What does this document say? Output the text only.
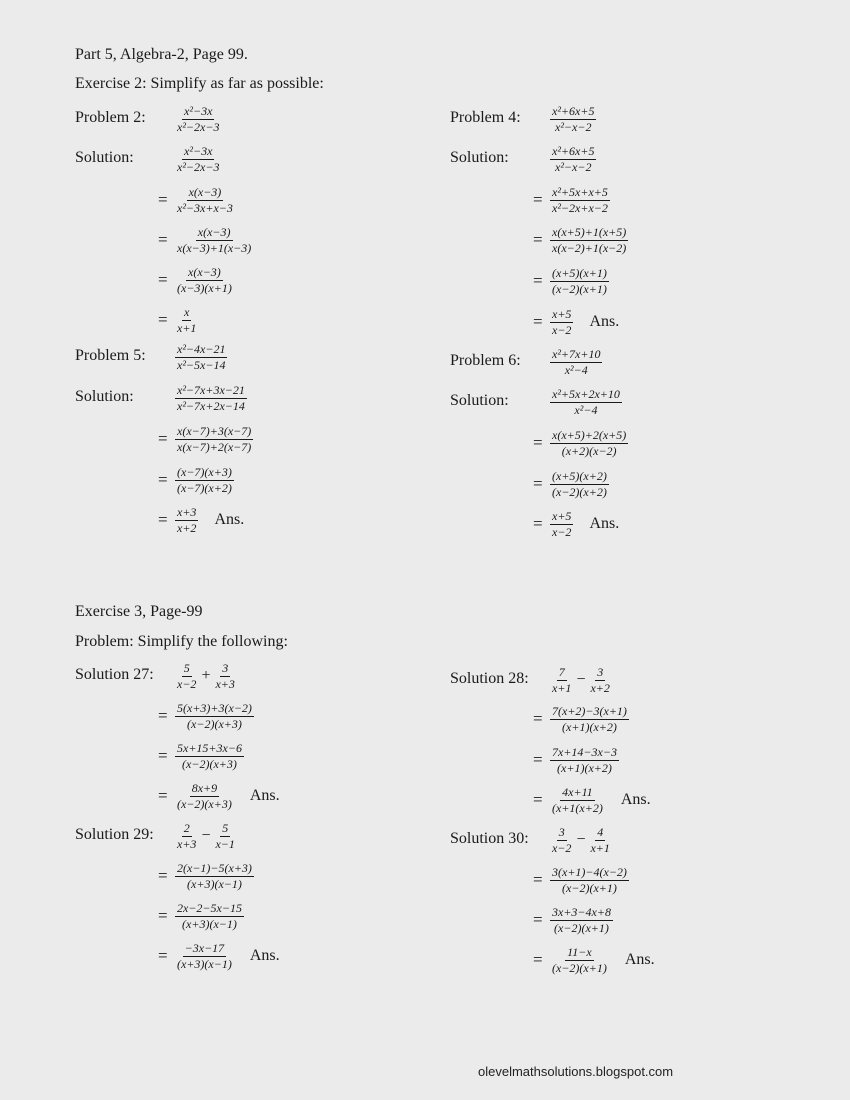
Part 5, Algebra-2, Page 99.
Exercise 2: Simplify as far as possible:
Exercise 3, Page-99
Problem: Simplify the following:
Problem 2: $\frac{\text{x²−3x}}{\text{x²−2x−3}}$
Solution:	$\frac{\text{x²−3x}}{\text{x²−2x−3}}$
= $\frac{x(x-3)}{\text{x²−3x+x−3}}$
= $\frac{x(x-3)}{x(x-3)+1(x-3)}$
= $\frac{x(x-3)}{(x-3)(x+1)}$
= $\frac{x}{x+1}$
Problem 4: $\frac{\text{x²+6x+5}}{\text{x²−x−2}}$
Solution:	$\frac{\text{x²+6x+5}}{\text{x²−x−2}}$
= $\frac{\text{x²+5x+x+5}}{\text{x²−2x+x−2}}$
= $\frac{x(x+5)+1(x+5)}{x(x-2)+1(x-2)}$
= $\frac{(x+5)(x+1)}{(x-2)(x+1)}$
= $\frac{x+5}{x-2}$ Ans.
Problem 5: $\frac{\text{x²−4x−21}}{\text{x²−5x−14}}$
Solution:	$\frac{\text{x²−7x+3x−21}}{\text{x²−7x+2x−14}}$
= $\frac{x(x-7)+3(x-7)}{x(x-7)+2(x-7)}$
= $\frac{(x-7)(x+3)}{(x-7)(x+2)}$
= $\frac{x+3}{x+2}$ Ans.
Problem 6: $\frac{\text{x²+7x+10}}{\text{x²−4}}$
Solution:	$\frac{\text{x²+5x+2x+10}}{\text{x²−4}}$
= $\frac{x(x+5)+2(x+5)}{(x+2)(x-2)}$
= $\frac{(x+5)(x+2)}{(x-2)(x+2)}$
= $\frac{x+5}{x-2}$ Ans.
Solution 27: $\frac{5}{x-2} + \frac{3}{x+3}$
= $\frac{5(x+3)+3(x-2)}{(x-2)(x+3)}$
= $\frac{5x+15+3x-6}{(x-2)(x+3)}$
= $\frac{8x+9}{(x-2)(x+3)}$ Ans.
Solution 28: $\frac{7}{x+1} - \frac{3}{x+2}$
= $\frac{7(x+2)-3(x+1)}{(x+1)(x+2)}$
= $\frac{7x+14-3x-3}{(x+1)(x+2)}$
= $\frac{4x+11}{(x+1(x+2)}$ Ans.
Solution 29: $\frac{2}{x+3} - \frac{5}{x-1}$
= $\frac{2(x-1)-5(x+3)}{(x+3)(x-1)}$
= $\frac{2x-2-5x-15}{(x+3)(x-1)}$
= $\frac{-3x-17}{(x+3)(x-1)}$ Ans.
Solution 30: $\frac{3}{x-2} - \frac{4}{x+1}$
= $\frac{3(x+1)-4(x-2)}{(x-2)(x+1)}$
= $\frac{3x+3-4x+8}{(x-2)(x+1)}$
= $\frac{11-x}{(x-2)(x+1)}$ Ans.
olevelmathsolutions.blogspot.com
